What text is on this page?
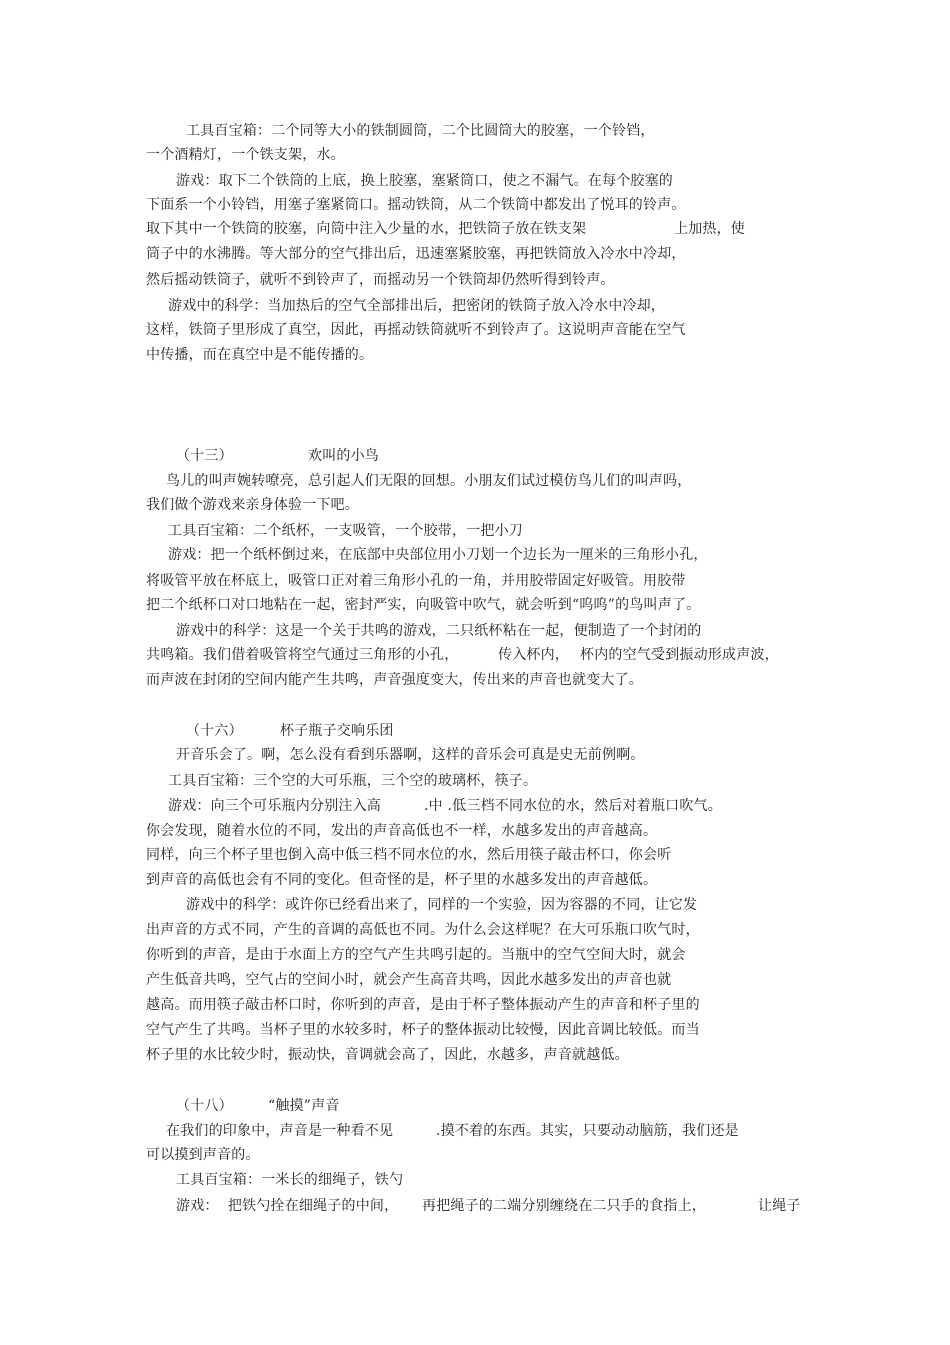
工具百宝箱：二个同等大小的铁制圆筒，二个比圆筒大的胶塞，一个铃铛，
一个酒精灯，一个铁支架，水。
游戏：取下二个铁筒的上底，换上胶塞，塞紧筒口，使之不漏气。在每个胶塞的
下面系一个小铃铛，用塞子塞紧筒口。摇动铁筒，从二个铁筒中都发出了悦耳的铃声。
取下其中一个铁筒的胶塞，向筒中注入少量的水，把铁筒子放在铁支架	上加热，使
筒子中的水沸腾。等大部分的空气排出后，迅速塞紧胶塞，再把铁筒放入冷水中冷却，
然后摇动铁筒子，就听不到铃声了，而摇动另一个铁筒却仍然听得到铃声。
游戏中的科学：当加热后的空气全部排出后，把密闭的铁筒子放入冷水中冷却，
这样，铁筒子里形成了真空，因此，再摇动铁筒就听不到铃声了。这说明声音能在空气
中传播，而在真空中是不能传播的。
（十三）	欢叫的小鸟
鸟儿的叫声婉转嘹亮，总引起人们无限的回想。小朋友们试过模仿鸟儿们的叫声吗，
我们做个游戏来亲身体验一下吧。
工具百宝箱：二个纸杯，一支吸管，一个胶带，一把小刀
游戏：把一个纸杯倒过来，在底部中央部位用小刀划一个边长为一厘米的三角形小孔，
将吸管平放在杯底上，吸管口正对着三角形小孔的一角，并用胶带固定好吸管。用胶带
把二个纸杯口对口地粘在一起，密封严实，向吸管中吹气，就会听到“呜呜”的鸟叫声了。
游戏中的科学：这是一个关于共鸣的游戏，二只纸杯粘在一起，便制造了一个封闭的
共鸣箱。我们借着吸管将空气通过三角形的小孔，	传入杯内， 杯内的空气受到振动形成声波，
而声波在封闭的空间内能产生共鸣，声音强度变大，传出来的声音也就变大了。
（十六）	杯子瓶子交响乐团
开音乐会了。啊，怎么没有看到乐器啊，这样的音乐会可真是史无前例啊。
工具百宝箱：三个空的大可乐瓶，三个空的玻璃杯，筷子。
游戏：向三个可乐瓶内分别注入高	.中 .低三档不同水位的水，然后对着瓶口吹气。
你会发现，随着水位的不同，发出的声音高低也不一样，水越多发出的声音越高。
同样，向三个杯子里也倒入高中低三档不同水位的水，然后用筷子敲击杯口，你会听
到声音的高低也会有不同的变化。但奇怪的是，杯子里的水越多发出的声音越低。
游戏中的科学：或许你已经看出来了，同样的一个实验，因为容器的不同，让它发
出声音的方式不同，产生的音调的高低也不同。为什么会这样呢？在大可乐瓶口吹气时，
你听到的声音，是由于水面上方的空气产生共鸣引起的。当瓶中的空气空间大时，就会
产生低音共鸣，空气占的空间小时，就会产生高音共鸣，因此水越多发出的声音也就
越高。而用筷子敲击杯口时，你听到的声音，是由于杯子整体振动产生的声音和杯子里的
空气产生了共鸣。当杯子里的水较多时，杯子的整体振动比较慢，因此音调比较低。而当
杯子里的水比较少时，振动快，音调就会高了，因此，水越多，声音就越低。
（十八）	“触摸”声音
在我们的印象中，声音是一种看不见	.摸不着的东西。其实，只要动动脑筋，我们还是
可以摸到声音的。
工具百宝箱：一米长的细绳子，铁勺
游戏：  把铁勺拴在细绳子的中间， 再把绳子的二端分别缠绕在二只手的食指上，	让绳子
